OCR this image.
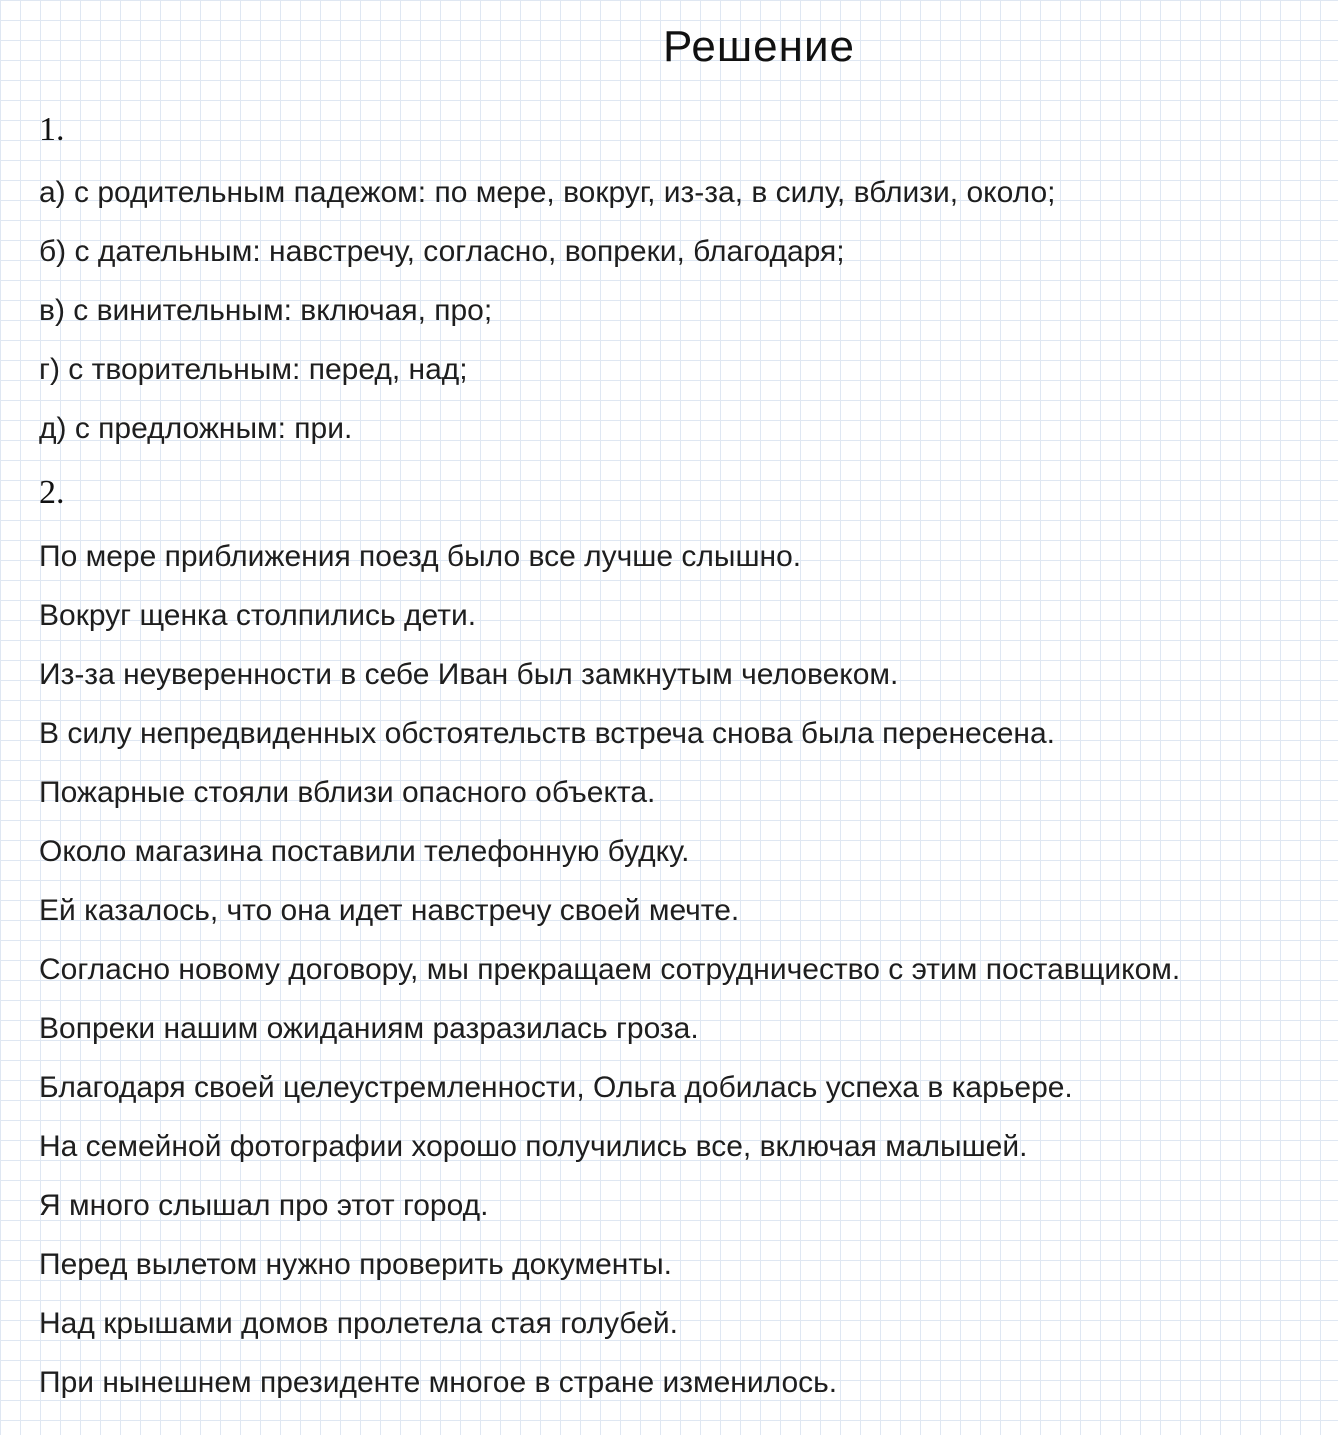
Решение
1.
а) с родительным падежом: по мере, вокруг, из-за, в силу, вблизи, около;
б) с дательным: навстречу, согласно, вопреки, благодаря;
в) с винительным: включая, про;
г) с творительным: перед, над;
д) с предложным: при.
2.
По мере приближения поезд было все лучше слышно.
Вокруг щенка столпились дети.
Из-за неуверенности в себе Иван был замкнутым человеком.
В силу непредвиденных обстоятельств встреча снова была перенесена.
Пожарные стояли вблизи опасного объекта.
Около магазина поставили телефонную будку.
Ей казалось, что она идет навстречу своей мечте.
Согласно новому договору, мы прекращаем сотрудничество с этим поставщиком.
Вопреки нашим ожиданиям разразилась гроза.
Благодаря своей целеустремленности, Ольга добилась успеха в карьере.
На семейной фотографии хорошо получились все, включая малышей.
Я много слышал про этот город.
Перед вылетом нужно проверить документы.
Над крышами домов пролетела стая голубей.
При нынешнем президенте многое в стране изменилось.
